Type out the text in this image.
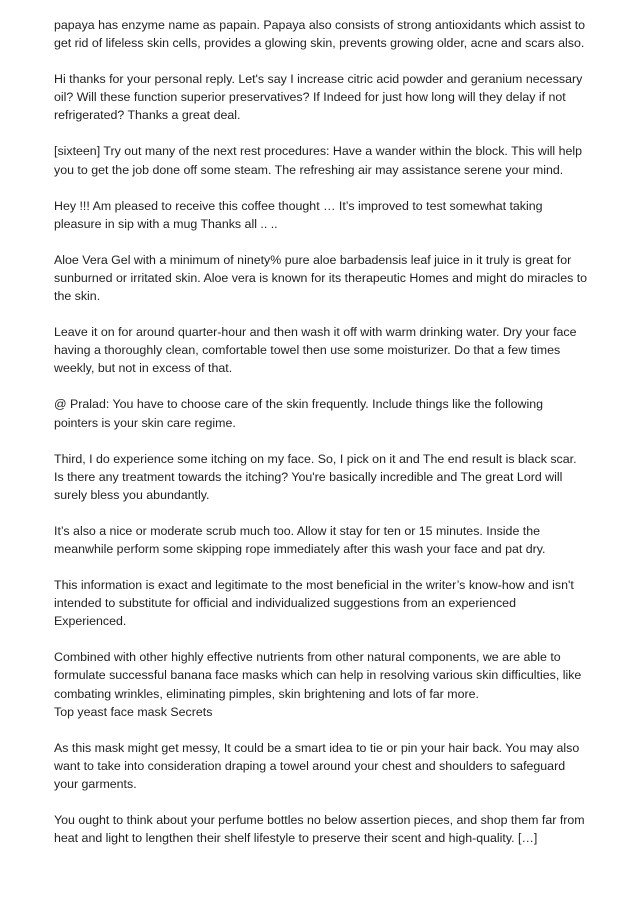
papaya has enzyme name as papain. Papaya also consists of strong antioxidants which assist to get rid of lifeless skin cells, provides a glowing skin, prevents growing older, acne and scars also.

Hi thanks for your personal reply. Let's say I increase citric acid powder and geranium necessary oil? Will these function superior preservatives? If Indeed for just how long will they delay if not refrigerated? Thanks a great deal.

[sixteen] Try out many of the next rest procedures: Have a wander within the block. This will help you to get the job done off some steam. The refreshing air may assistance serene your mind.

Hey !!! Am pleased to receive this coffee thought … It’s improved to test somewhat taking pleasure in sip with a mug Thanks all .. ..

Aloe Vera Gel with a minimum of ninety% pure aloe barbadensis leaf juice in it truly is great for sunburned or irritated skin. Aloe vera is known for its therapeutic Homes and might do miracles to the skin.

Leave it on for around quarter-hour and then wash it off with warm drinking water. Dry your face having a thoroughly clean, comfortable towel then use some moisturizer. Do that a few times weekly, but not in excess of that.

@ Pralad: You have to choose care of the skin frequently. Include things like the following pointers is your skin care regime.

Third, I do experience some itching on my face. So, I pick on it and The end result is black scar. Is there any treatment towards the itching? You're basically incredible and The great Lord will surely bless you abundantly.

It’s also a nice or moderate scrub much too. Allow it stay for ten or 15 minutes. Inside the meanwhile perform some skipping rope immediately after this wash your face and pat dry.

This information is exact and legitimate to the most beneficial in the writer’s know-how and isn't intended to substitute for official and individualized suggestions from an experienced Experienced.

Combined with other highly effective nutrients from other natural components, we are able to formulate successful banana face masks which can help in resolving various skin difficulties, like combating wrinkles, eliminating pimples, skin brightening and lots of far more.

Top yeast face mask Secrets

As this mask might get messy, It could be a smart idea to tie or pin your hair back. You may also want to take into consideration draping a towel around your chest and shoulders to safeguard your garments.

You ought to think about your perfume bottles no below assertion pieces, and shop them far from heat and light to lengthen their shelf lifestyle to preserve their scent and high-quality. […]
